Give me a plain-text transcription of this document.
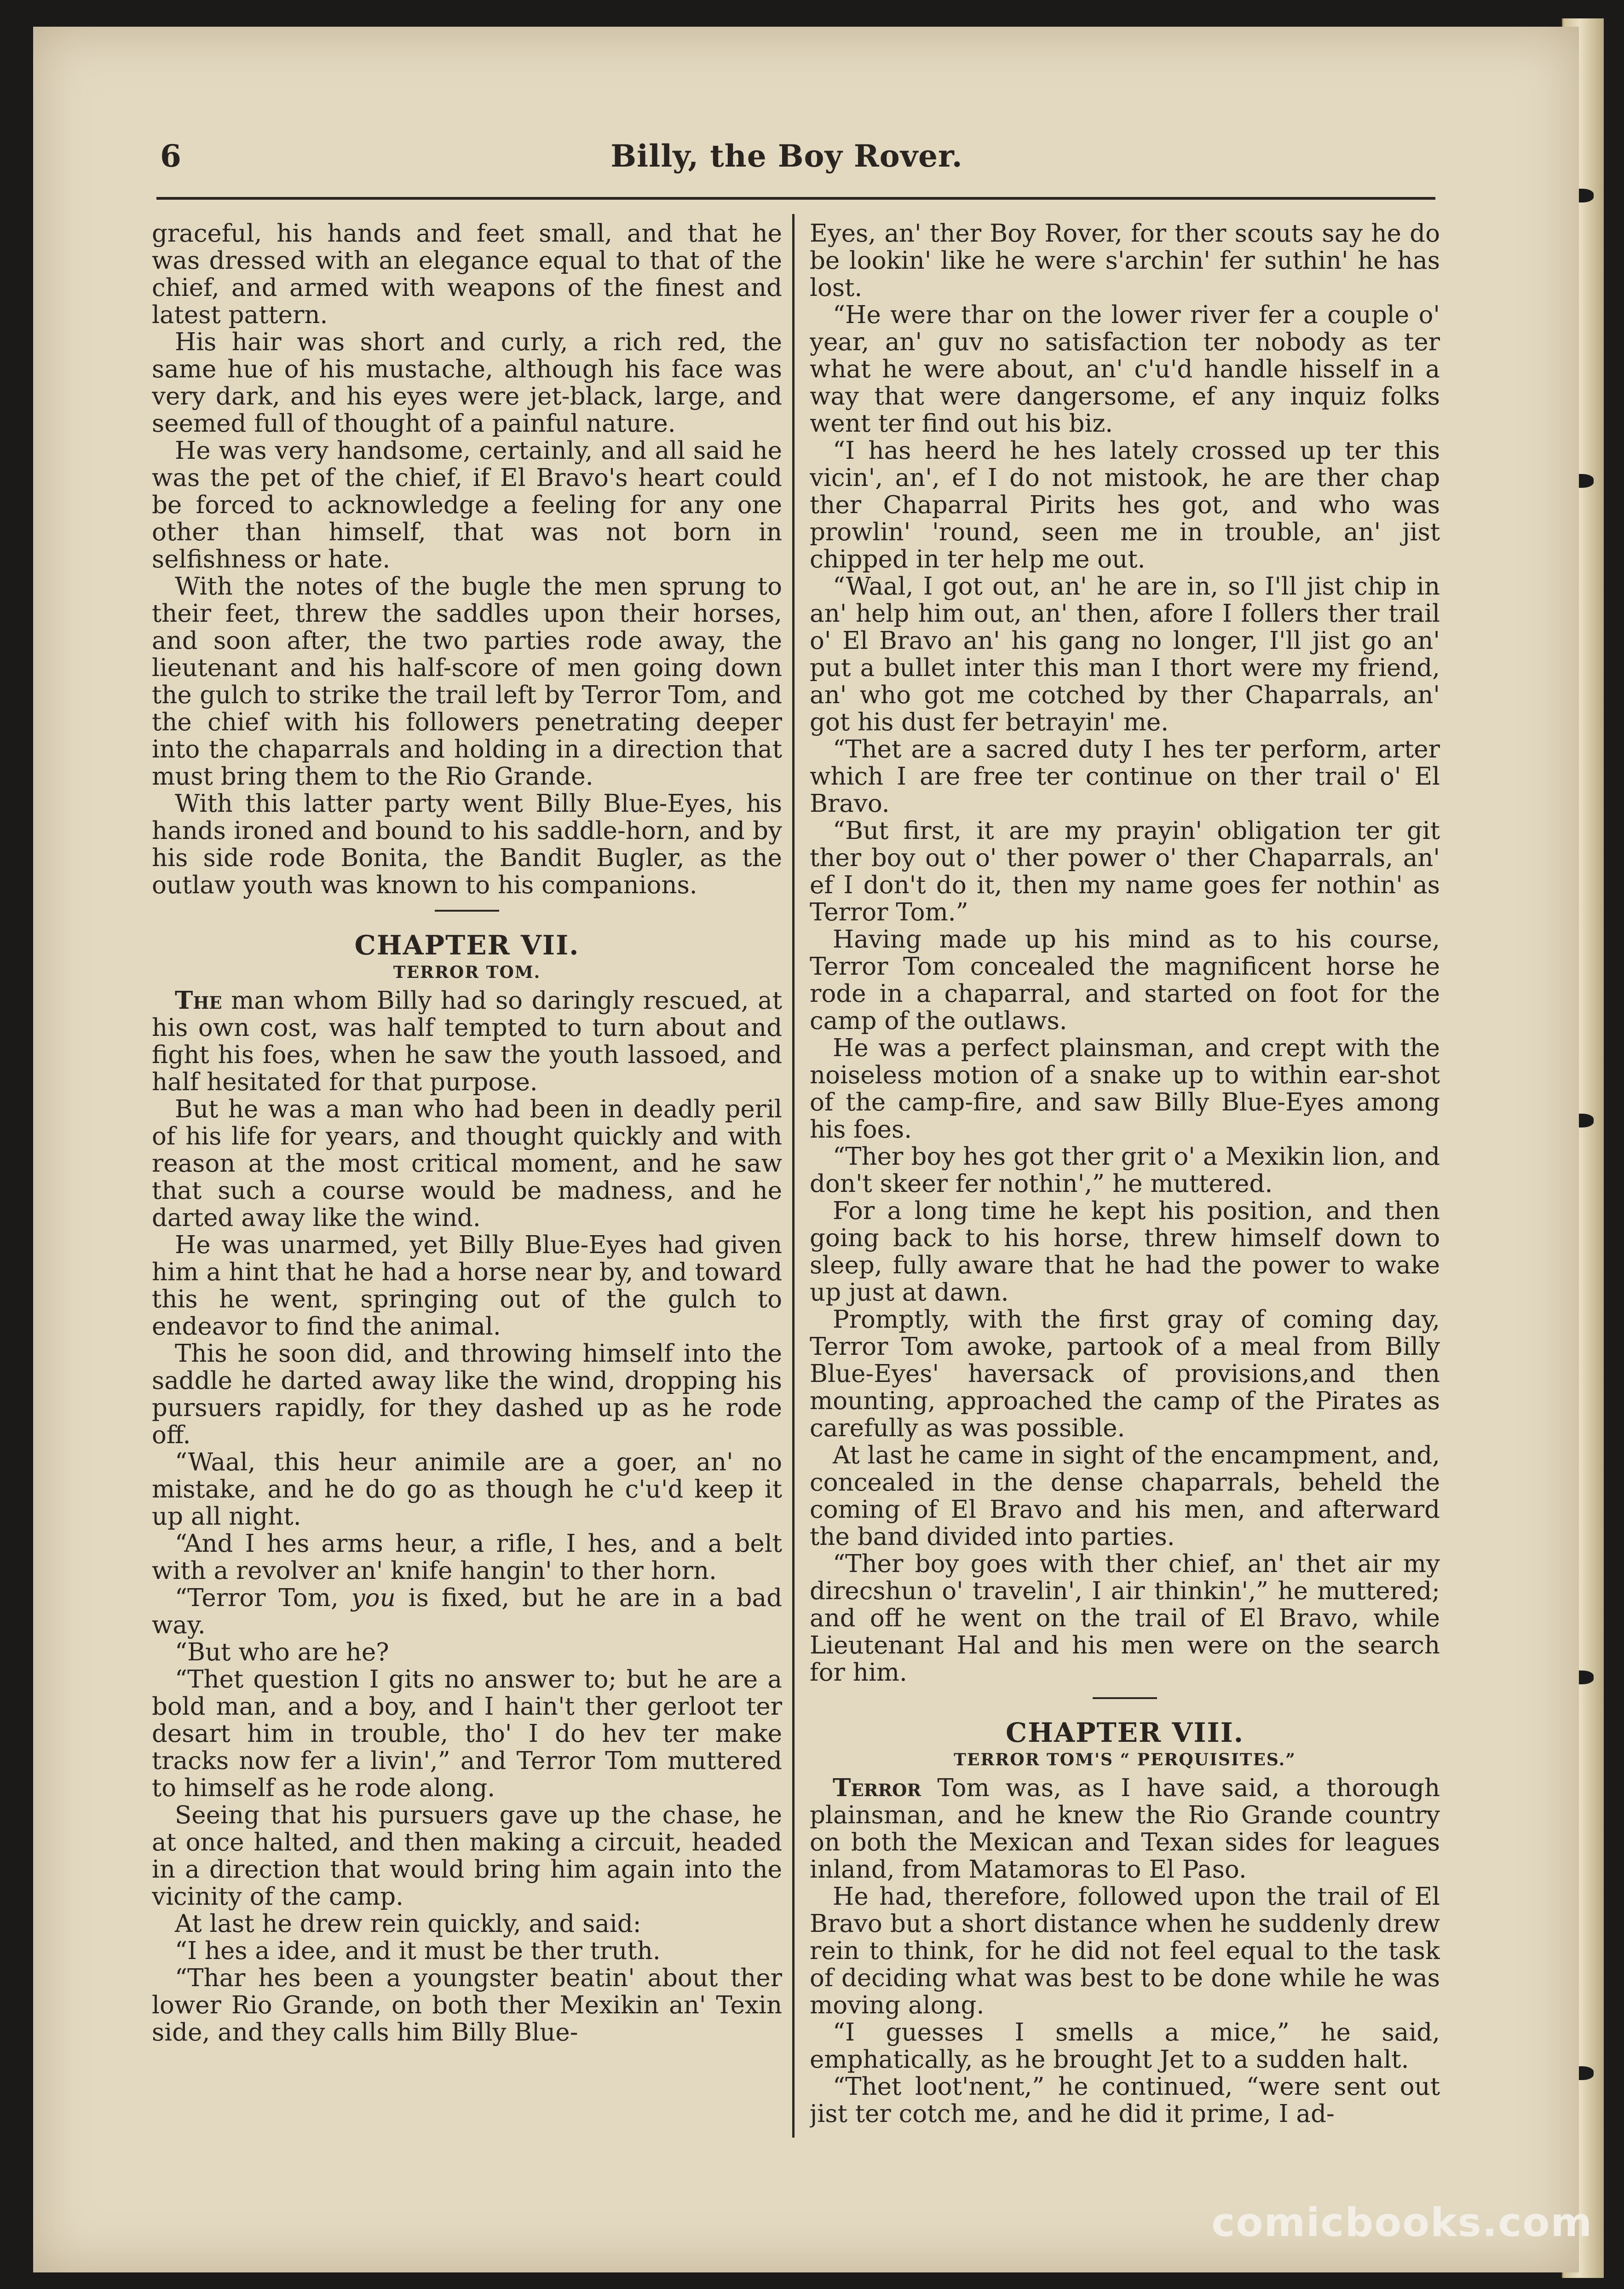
6	Billy, the Boy Rover.

graceful, his hands and feet small, and that he was dressed with an elegance equal to that of the chief, and armed with weapons of the finest and latest pattern.

His hair was short and curly, a rich red, the same hue of his mustache, although his face was very dark, and his eyes were jet-black, large, and seemed full of thought of a painful nature.

He was very handsome, certainly, and all said he was the pet of the chief, if El Bravo's heart could be forced to acknowledge a feeling for any one other than himself, that was not born in selfishness or hate.

With the notes of the bugle the men sprung to their feet, threw the saddles upon their horses, and soon after, the two parties rode away, the lieutenant and his half-score of men going down the gulch to strike the trail left by Terror Tom, and the chief with his followers penetrating deeper into the chaparrals and holding in a direction that must bring them to the Rio Grande.

With this latter party went Billy Blue-Eyes, his hands ironed and bound to his saddle-horn, and by his side rode Bonita, the Bandit Bugler, as the outlaw youth was known to his companions.

CHAPTER VII.
TERROR TOM.

The man whom Billy had so daringly rescued, at his own cost, was half tempted to turn about and fight his foes, when he saw the youth lassoed, and half hesitated for that purpose.

But he was a man who had been in deadly peril of his life for years, and thought quickly and with reason at the most critical moment, and he saw that such a course would be madness, and he darted away like the wind.

He was unarmed, yet Billy Blue-Eyes had given him a hint that he had a horse near by, and toward this he went, springing out of the gulch to endeavor to find the animal.

This he soon did, and throwing himself into the saddle he darted away like the wind, dropping his pursuers rapidly, for they dashed up as he rode off.

“Waal, this heur animile are a goer, an' no mistake, and he do go as though he c'u'd keep it up all night.

“And I hes arms heur, a rifle, I hes, and a belt with a revolver an' knife hangin' to ther horn.

“Terror Tom, you is fixed, but he are in a bad way.

“But who are he?

“Thet question I gits no answer to; but he are a bold man, and a boy, and I hain't ther gerloot ter desart him in trouble, tho' I do hev ter make tracks now fer a livin',” and Terror Tom muttered to himself as he rode along.

Seeing that his pursuers gave up the chase, he at once halted, and then making a circuit, headed in a direction that would bring him again into the vicinity of the camp.

At last he drew rein quickly, and said:

“I hes a idee, and it must be ther truth.

“Thar hes been a youngster beatin' about ther lower Rio Grande, on both ther Mexikin an' Texin side, and they calls him Billy Blue-

Eyes, an' ther Boy Rover, for ther scouts say he do be lookin' like he were s'archin' fer suthin' he has lost.

“He were thar on the lower river fer a couple o' year, an' guv no satisfaction ter nobody as ter what he were about, an' c'u'd handle hisself in a way that were dangersome, ef any inquiz folks went ter find out his biz.

“I has heerd he hes lately crossed up ter this vicin', an', ef I do not mistook, he are ther chap ther Chaparral Pirits hes got, and who was prowlin' 'round, seen me in trouble, an' jist chipped in ter help me out.

“Waal, I got out, an' he are in, so I'll jist chip in an' help him out, an' then, afore I follers ther trail o' El Bravo an' his gang no longer, I'll jist go an' put a bullet inter this man I thort were my friend, an' who got me cotched by ther Chaparrals, an' got his dust fer betrayin' me.

“Thet are a sacred duty I hes ter perform, arter which I are free ter continue on ther trail o' El Bravo.

“But first, it are my prayin' obligation ter git ther boy out o' ther power o' ther Chaparrals, an' ef I don't do it, then my name goes fer nothin' as Terror Tom.”

Having made up his mind as to his course, Terror Tom concealed the magnificent horse he rode in a chaparral, and started on foot for the camp of the outlaws.

He was a perfect plainsman, and crept with the noiseless motion of a snake up to within ear-shot of the camp-fire, and saw Billy Blue-Eyes among his foes.

“Ther boy hes got ther grit o' a Mexikin lion, and don't skeer fer nothin',” he muttered.

For a long time he kept his position, and then going back to his horse, threw himself down to sleep, fully aware that he had the power to wake up just at dawn.

Promptly, with the first gray of coming day, Terror Tom awoke, partook of a meal from Billy Blue-Eyes' haversack of provisions,and then mounting, approached the camp of the Pirates as carefully as was possible.

At last he came in sight of the encampment, and, concealed in the dense chaparrals, beheld the coming of El Bravo and his men, and afterward the band divided into parties.

“Ther boy goes with ther chief, an' thet air my direcshun o' travelin', I air thinkin',” he muttered; and off he went on the trail of El Bravo, while Lieutenant Hal and his men were on the search for him.

CHAPTER VIII.
TERROR TOM'S “ PERQUISITES.”

Terror Tom was, as I have said, a thorough plainsman, and he knew the Rio Grande country on both the Mexican and Texan sides for leagues inland, from Matamoras to El Paso.

He had, therefore, followed upon the trail of El Bravo but a short distance when he suddenly drew rein to think, for he did not feel equal to the task of deciding what was best to be done while he was moving along.

“I guesses I smells a mice,” he said, emphatically, as he brought Jet to a sudden halt.

“Thet loot'nent,” he continued, “were sent out jist ter cotch me, and he did it prime, I ad-

comicbooks.com
